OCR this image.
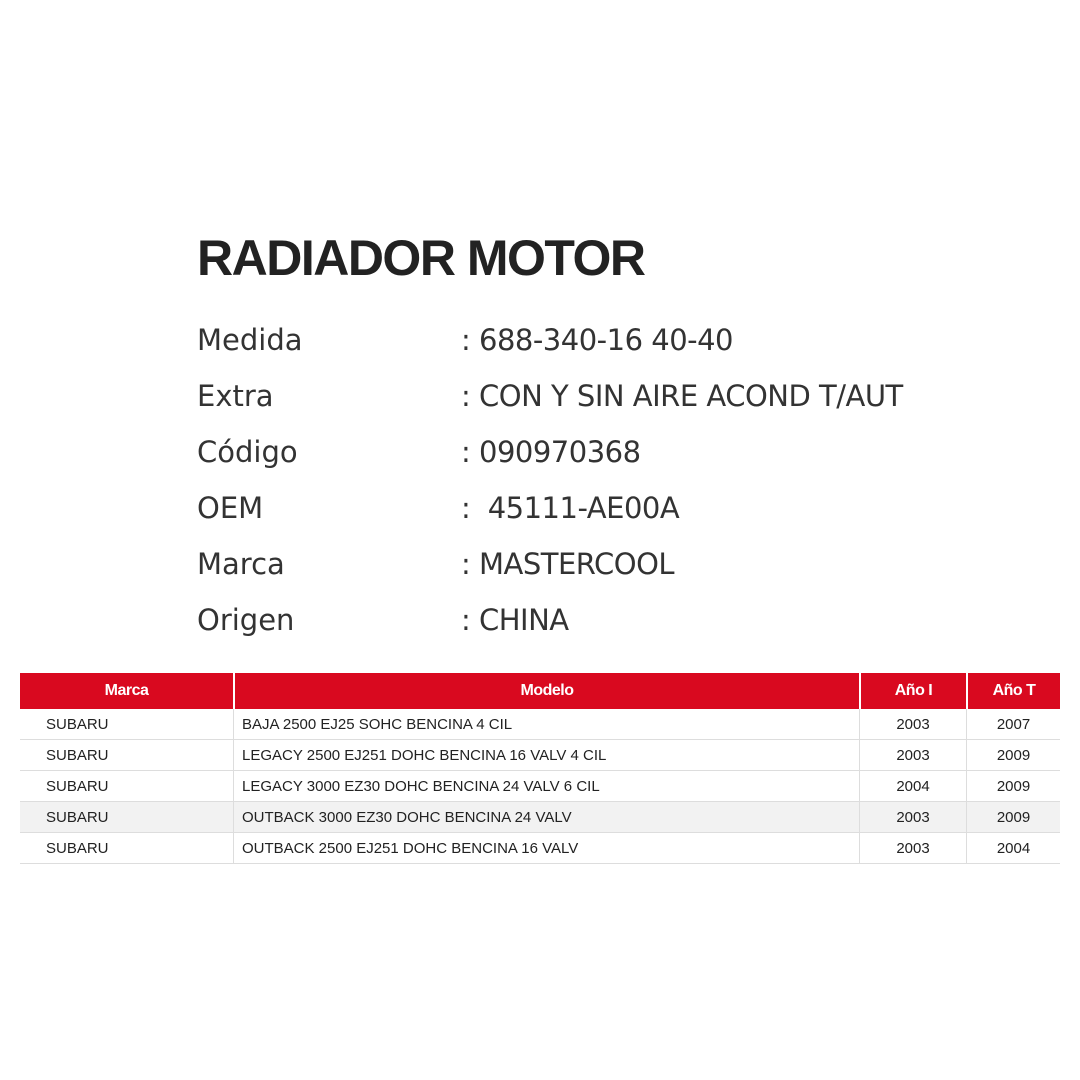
RADIADOR MOTOR
Medida	: 688-340-16 40-40
Extra	: CON Y SIN AIRE ACOND T/AUT
Código	: 090970368
OEM	:  45111-AE00A
Marca	: MASTERCOOL
Origen	: CHINA
Marca	Modelo	Año I	Año T
SUBARU	BAJA 2500 EJ25 SOHC BENCINA 4 CIL	2003	2007
SUBARU	LEGACY 2500 EJ251 DOHC BENCINA 16 VALV 4 CIL	2003	2009
SUBARU	LEGACY 3000 EZ30 DOHC BENCINA 24 VALV 6 CIL	2004	2009
SUBARU	OUTBACK 3000 EZ30 DOHC BENCINA 24 VALV	2003	2009
SUBARU	OUTBACK 2500 EJ251 DOHC BENCINA 16 VALV	2003	2004
